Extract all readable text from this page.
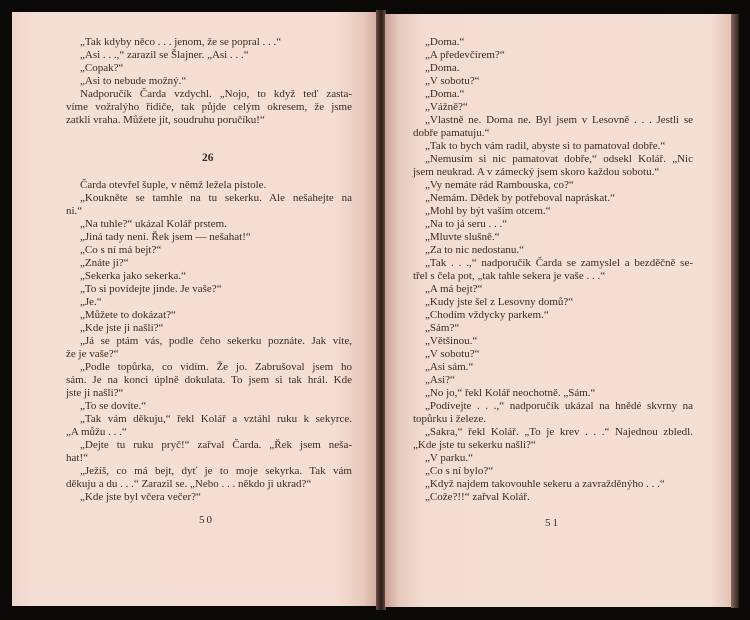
„Tak kdyby něco . . . jenom, že se popral . . .“
„Asi . . .,“ zarazil se Šlajner. „Asi . . .“
„Copak?“
„Asi to nebude možný.“
Nadporučík Čarda vzdychl. „Nojo, to když teď zasta-
víme vožralýho řidiče, tak půjde celým okresem, že jsme
zatkli vraha. Můžete jít, soudruhu poručíku!“
26
Čarda otevřel šuple, v němž ležela pistole.
„Koukněte se tamhle na tu sekerku. Ale nešahejte na
ni.“
„Na tuhle?“ ukázal Kolář prstem.
„Jiná tady není. Řek jsem — nešahat!“
„Co s ní má bejt?“
„Znáte ji?“
„Sekerka jako sekerka.“
„To si povídejte jinde. Je vaše?“
„Je.“
„Můžete to dokázat?“
„Kde jste ji našli?“
„Já se ptám vás, podle čeho sekerku poznáte. Jak víte,
že je vaše?“
„Podle topůrka, co vidím. Že jo. Zabrušoval jsem ho
sám. Je na konci úplně dokulata. To jsem si tak hrál. Kde
jste ji našli?“
„To se dovíte.“
„Tak vám děkuju,“ řekl Kolář a vztáhl ruku k sekyrce.
„A můžu . . .“
„Dejte tu ruku pryč!“ zařval Čarda. „Řek jsem neša-
hat!“
„Ježíš, co má bejt, dyť je to moje sekyrka. Tak vám
děkuju a du . . .“ Zarazil se. „Nebo . . . někdo ji ukrad?“
„Kde jste byl včera večer?“
50
„Doma.“
„A předevčírem?“
„Doma.
„V sobotu?“
„Doma.“
„Vážně?“
„Vlastně ne. Doma ne. Byl jsem v Lesovně . . . Jestli se
dobře pamatuju.“
„Tak to bych vám radil, abyste si to pamatoval dobře.“
„Nemusím si nic pamatovat dobře,“ odsekl Kolář. „Nic
jsem neukrad. A v zámecký jsem skoro každou sobotu.“
„Vy nemáte rád Rambouska, co?“
„Nemám. Dědek by potřeboval napráskat.“
„Mohl by být vaším otcem.“
„Na to já seru . . .“
„Mluvte slušně.“
„Za to nic nedostanu.“
„Tak . . .,“ nadporučík Čarda se zamyslel a bezděčně se-
třel s čela pot, „tak tahle sekera je vaše . . .“
„A má bejt?“
„Kudy jste šel z Lesovny domů?“
„Chodím vždycky parkem.“
„Sám?“
„Většinou.“
„V sobotu?“
„Asi sám.“
„Asi?“
„No jo,“ řekl Kolář neochotně. „Sám.“
„Podívejte . . .,“ nadporučík ukázal na hnědé skvrny na
topůrku i železe.
„Sakra,“ řekl Kolář. „To je krev . . .“ Najednou zbledl.
„Kde jste tu sekerku našli?“
„V parku.“
„Co s ní bylo?“
„Když najdem takovouhle sekeru a zavražděnýho . . .“
„Cože?!!“ zařval Kolář.
51
